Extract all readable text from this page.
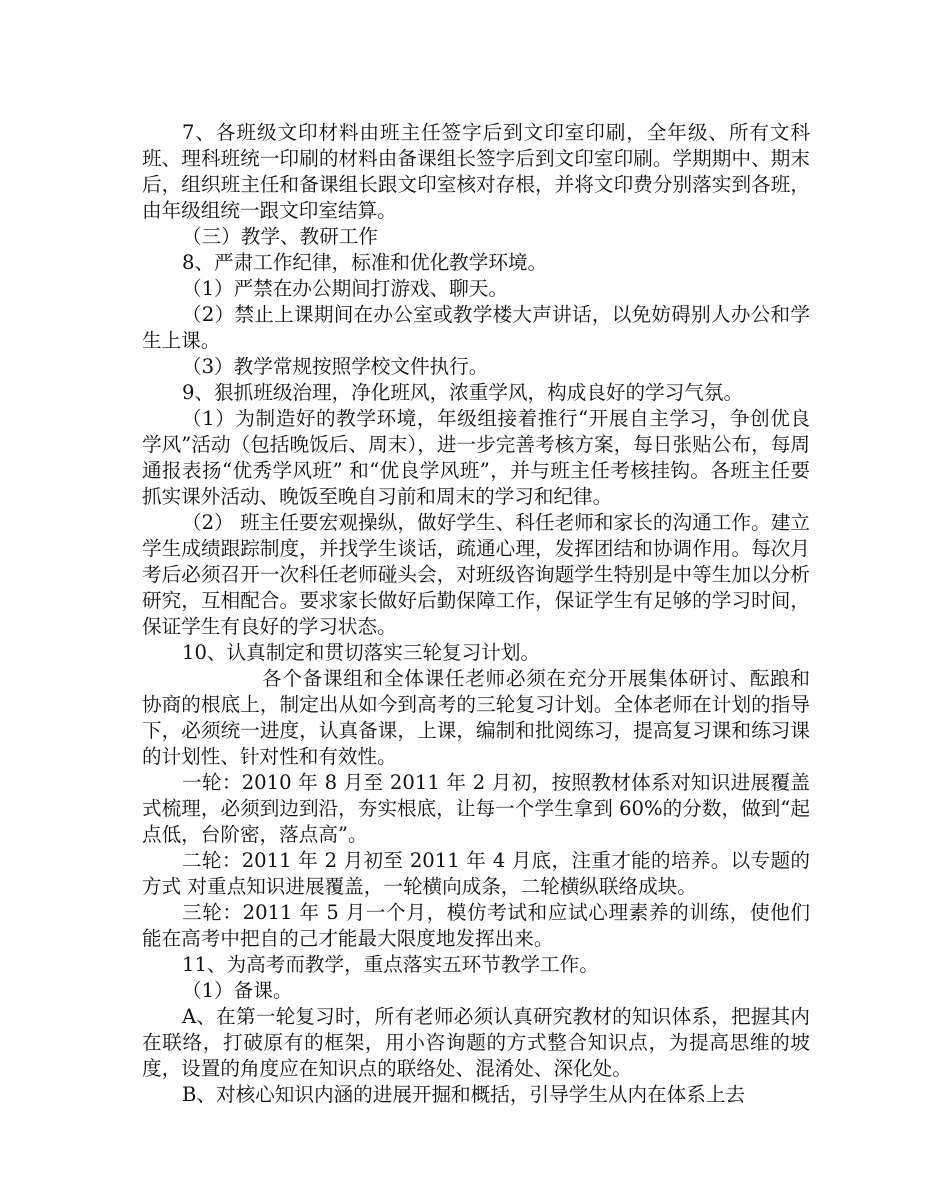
7、各班级文印材料由班主任签字后到文印室印刷，全年级、所有文科班、理科班统一印刷的材料由备课组长签字后到文印室印刷。学期期中、期末后，组织班主任和备课组长跟文印室核对存根，并将文印费分别落实到各班，由年级组统一跟文印室结算。

（三）教学、教研工作

8、严肃工作纪律，标准和优化教学环境。

（1）严禁在办公期间打游戏、聊天。

（2）禁止上课期间在办公室或教学楼大声讲话，以免妨碍别人办公和学生上课。

（3）教学常规按照学校文件执行。

9、狠抓班级治理，净化班风，浓重学风，构成良好的学习气氛。

（1）为制造好的教学环境，年级组接着推行“开展自主学习，争创优良学风”活动（包括晚饭后、周末），进一步完善考核方案，每日张贴公布，每周通报表扬“优秀学风班” 和“优良学风班”，并与班主任考核挂钩。各班主任要抓实课外活动、晚饭至晚自习前和周末的学习和纪律。

（2） 班主任要宏观操纵，做好学生、科任老师和家长的沟通工作。建立学生成绩跟踪制度，并找学生谈话，疏通心理，发挥团结和协调作用。每次月考后必须召开一次科任老师碰头会，对班级咨询题学生特别是中等生加以分析研究，互相配合。要求家长做好后勤保障工作，保证学生有足够的学习时间，保证学生有良好的学习状态。

10、认真制定和贯切落实三轮复习计划。

各个备课组和全体课任老师必须在充分开展集体研讨、酝踉和协商的根底上，制定出从如今到高考的三轮复习计划。全体老师在计划的指导下，必须统一进度，认真备课，上课，编制和批阅练习，提高复习课和练习课的计划性、针对性和有效性。

一轮：2010 年 8 月至 2011 年 2 月初，按照教材体系对知识进展覆盖式梳理，必须到边到沿，夯实根底，让每一个学生拿到 60%的分数，做到“起点低，台阶密，落点高”。

二轮：2011 年 2 月初至 2011 年 4 月底，注重才能的培养。以专题的方式 对重点知识进展覆盖，一轮横向成条，二轮横纵联络成块。

三轮：2011 年 5 月一个月，模仿考试和应试心理素养的训练，使他们能在高考中把自的己才能最大限度地发挥出来。

11、为高考而教学，重点落实五环节教学工作。

（1）备课。

A、在第一轮复习时，所有老师必须认真研究教材的知识体系，把握其内在联络，打破原有的框架，用小咨询题的方式整合知识点，为提高思维的坡度，设置的角度应在知识点的联络处、混淆处、深化处。

B、对核心知识内涵的进展开掘和概括，引导学生从内在体系上去
